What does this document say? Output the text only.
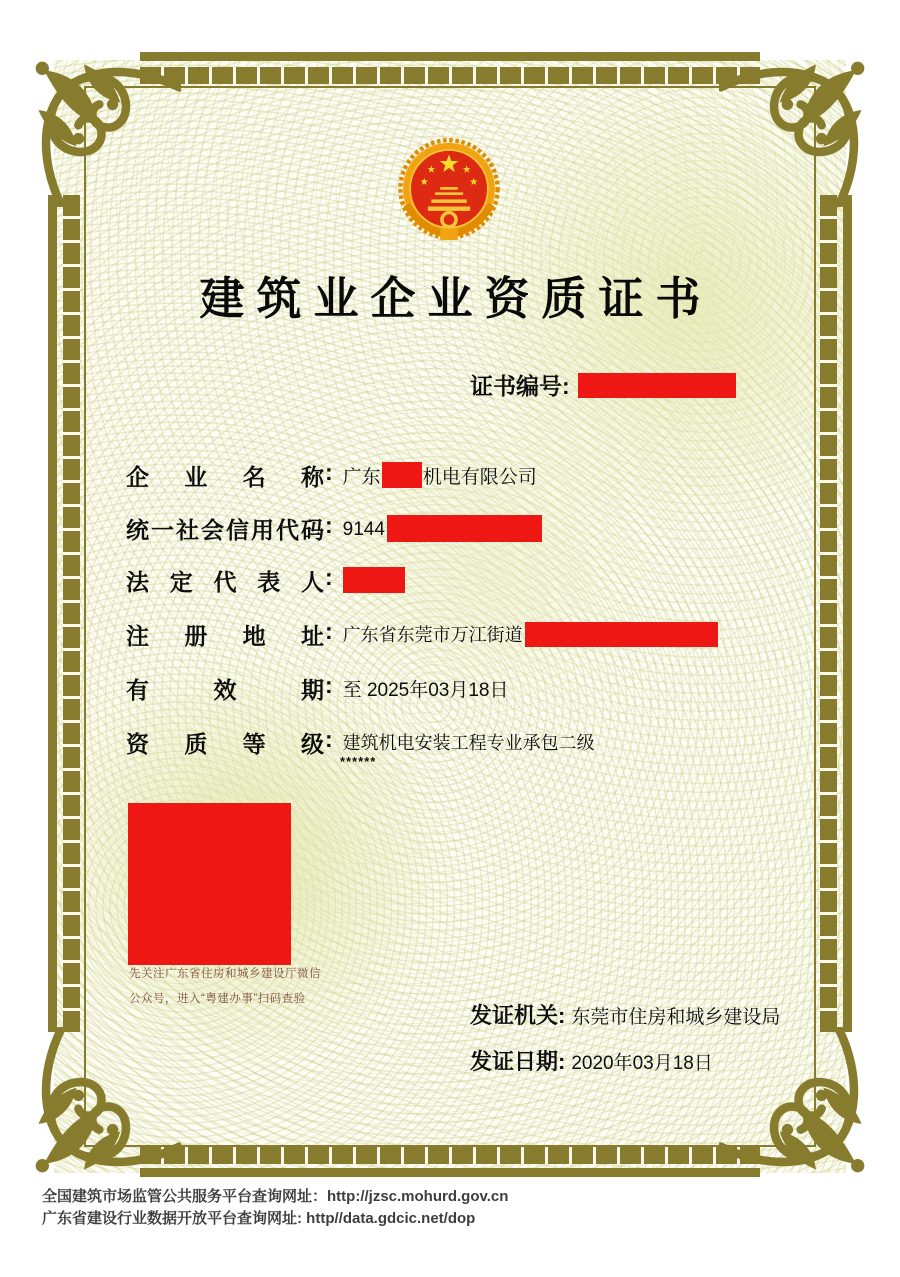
建筑业企业资质证书
证书编号:
企业名称: 广东 机电有限公司
统一社会信用代码: 9144
法定代表人:
注册地址: 广东省东莞市万江街道
有效期: 至 2025年03月18日
资质等级: 建筑机电安装工程专业承包二级
******
先关注广东省住房和城乡建设厅微信
公众号，进入“粤建办事”扫码查验
发证机关: 东莞市住房和城乡建设局
发证日期: 2020年03月18日
全国建筑市场监管公共服务平台查询网址：http://jzsc.mohurd.gov.cn
广东省建设行业数据开放平台查询网址: http//data.gdcic.net/dop
